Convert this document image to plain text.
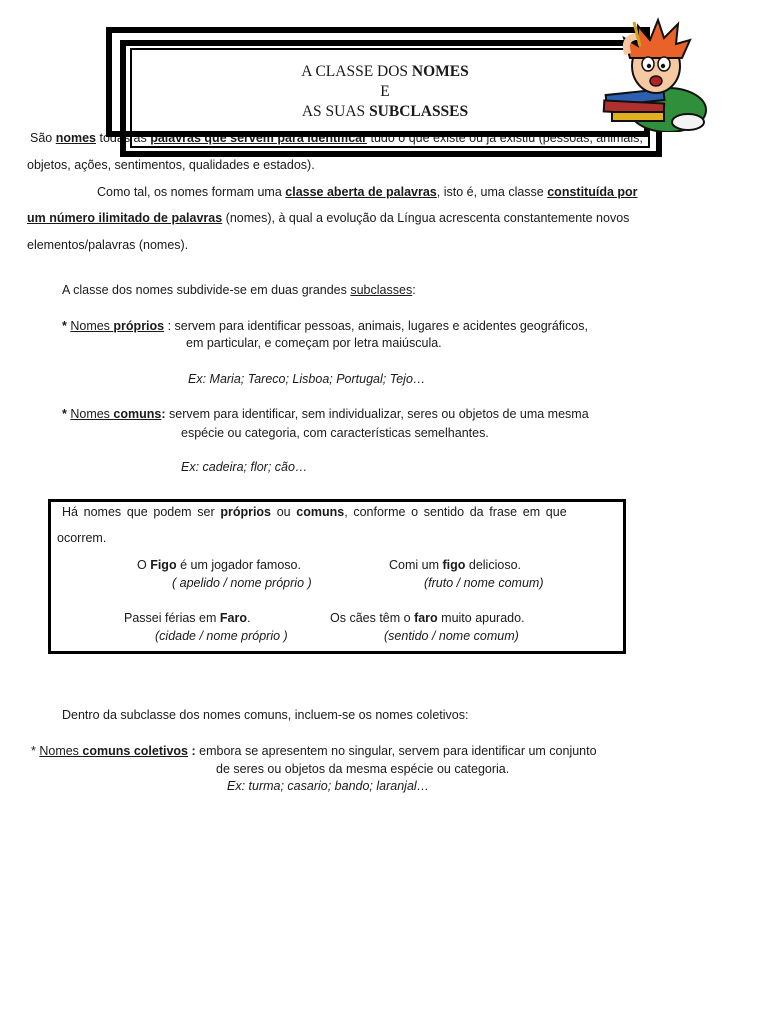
São nomes todas as palavras que servem para identificar tudo o que existe ou já existiu (pessoas, animais,
objetos, ações, sentimentos, qualidades e estados).
A CLASSE DOS NOMES
E
AS SUAS SUBCLASSES
Como tal, os nomes formam uma classe aberta de palavras, isto é, uma classe constituída por
um número ilimitado de palavras (nomes), à qual a evolução da Língua acrescenta constantemente novos
elementos/palavras (nomes).
A classe dos nomes subdivide-se em duas grandes subclasses:
* Nomes próprios : servem para identificar pessoas, animais, lugares e acidentes geográficos,
em particular, e começam por letra maiúscula.
Ex: Maria; Tareco; Lisboa; Portugal; Tejo…
* Nomes comuns: servem para identificar, sem individualizar, seres ou objetos de uma mesma
espécie ou categoria, com características semelhantes.
Ex: cadeira; flor; cão…
Há nomes que podem ser próprios ou comuns, conforme o sentido da frase em que
ocorrem.
O Figo é um jogador famoso.
( apelido / nome próprio )
Comi um figo delicioso.
(fruto / nome comum)
Passei férias em Faro.
(cidade / nome próprio )
Os cães têm o faro muito apurado.
(sentido / nome comum)
Dentro da subclasse dos nomes comuns, incluem-se os nomes coletivos:
* Nomes comuns coletivos : embora se apresentem no singular, servem para identificar um conjunto
de seres ou objetos da mesma espécie ou categoria.
Ex: turma; casario; bando; laranjal…
